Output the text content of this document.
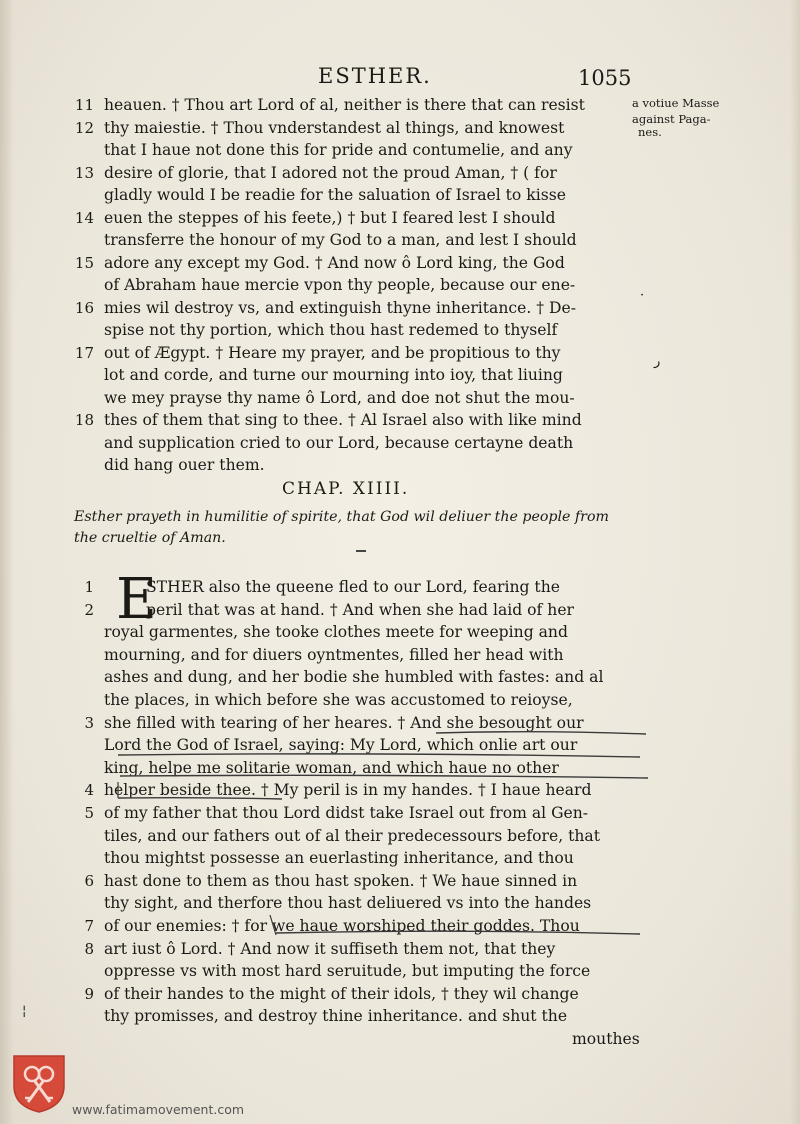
ESTHER.	1055
a votiue Masse
against Paga-
nes.
11 heauen. † Thou art Lord of al, neither is there that can resist
12 thy maiestie. † Thou vnderstandest al things, and knowest
that I haue not done this for pride and contumelie, and any
13 desire of glorie, that I adored not the proud Aman, † ( for
gladly would I be readie for the saluation of Israel to kisse
14 euen the steppes of his feete,) † but I feared lest I should
transferre the honour of my God to a man, and lest I should
15 adore any except my God. † And now ô Lord king, the God
of Abraham haue mercie vpon thy people, because our ene-
16 mies wil destroy vs, and extinguish thyne inheritance. † De-
spise not thy portion, which thou hast redemed to thyself
17 out of Ægypt. † Heare my prayer, and be propitious to thy
lot and corde, and turne our mourning into ioy, that liuing
we mey prayse thy name ô Lord, and doe not shut the mou-
18 thes of them that sing to thee. † Al Israel also with like mind
and supplication cried to our Lord, because certayne death
did hang ouer them.
CHAP. XIIII.
Esther prayeth in humilitie of spirite, that God wil deliuer the people from
the crueltie of Aman.
E
1	STHER also the queene fled to our Lord, fearing the
2	peril that was at hand. † And when she had laid of her
royal garmentes, she tooke clothes meete for weeping and
mourning, and for diuers oyntmentes, filled her head with
ashes and dung, and her bodie she humbled with fastes: and al
the places, in which before she was accustomed to reioyse,
3 she filled with tearing of her heares. † And she besought our
Lord the God of Israel, saying: My Lord, which onlie art our
king, helpe me solitarie woman, and which haue no other
4 helper beside thee. † My peril is in my handes. † I haue heard
5 of my father that thou Lord didst take Israel out from al Gen-
tiles, and our fathers out of al their predecessours before, that
thou mightst possesse an euerlasting inheritance, and thou
6 hast done to them as thou hast spoken. † We haue sinned in
thy sight, and therfore thou hast deliuered vs into the handes
7 of our enemies: † for we haue worshiped their goddes. Thou
8 art iust ô Lord. † And now it suffiseth them not, that they
oppresse vs with most hard seruitude, but imputing the force
9 of their handes to the might of their idols, † they wil change
thy promisses, and destroy thine inheritance. and shut the
mouthes
·
ر
¦
www.fatimamovement.com
